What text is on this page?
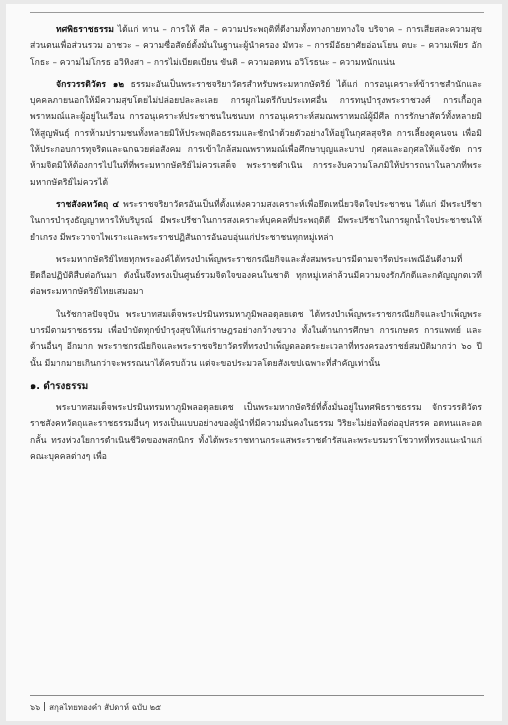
ทศพิธราชธรรม ได้แก่ ทาน – การให้ ศีล – ความประพฤติที่ดีงามทั้งทางกายทางใจ บริจาค – การเสียสละความสุขส่วนตนเพื่อส่วนรวม อาชวะ – ความซื่อสัตย์ตั้งมั่นในฐานะผู้นำครอง มัทวะ – การมีอัธยาศัยอ่อนโยน ตบะ – ความเพียร อักโกธะ – ความไม่โกรธ อวิหิงสา – การไม่เบียดเบียน ขันติ – ความอดทน อวิโรธนะ – ความหนักแน่น

จักรวรรดิวัตร ๑๒ ธรรมะอันเป็นพระราชจริยาวัตรสำหรับพระมหากษัตริย์ ได้แก่ การอนุเคราะห์ข้าราชสำนักและบุคคลภายนอกให้มีความสุขโดยไม่ปล่อยปละละเลย การผูกไมตรีกับประเทศอื่น การทนุบำรุงพระราชวงศ์ การเกื้อกูลพราหมณ์และผู้อยู่ในเรือน การอนุเคราะห์ประชาชนในชนบท การอนุเคราะห์สมณพราหมณ์ผู้มีศีล การรักษาสัตว์ทั้งหลายมิให้สูญพันธุ์ การห้ามปรามชนทั้งหลายมิให้ประพฤติอธรรมและชักนำด้วยตัวอย่างให้อยู่ในกุศลสุจริต การเลี้ยงดูคนจน เพื่อมิให้ประกอบการทุจริตและฉกฉวยต่อสังคม การเข้าใกล้สมณพราหมณ์เพื่อศึกษาบุญและบาป กุศลและอกุศลให้แจ้งชัด การห้ามจิตมิให้ต้องการไปในที่ที่พระมหากษัตริย์ไม่ควรเสด็จ พระราชดำเนิน การระงับความโลภมิให้ปรารถนาในลาภที่พระมหากษัตริย์ไม่ควรได้

ราชสังคหวัตถุ ๔ พระราชจริยาวัตรอันเป็นที่ตั้งแห่งความสงเคราะห์เพื่อยึดเหนี่ยวจิตใจประชาชน ได้แก่ มีพระปรีชาในการบำรุงธัญญาหารให้บริบูรณ์ มีพระปรีชาในการสงเคราะห์บุคคลที่ประพฤติดี มีพระปรีชาในการผูกน้ำใจประชาชนให้ยำเกรง มีพระวาจาไพเราะและพระราชปฏิสันถารอันอบอุ่นแก่ประชาชนทุกหมู่เหล่า

พระมหากษัตริย์ไทยทุกพระองค์ได้ทรงบำเพ็ญพระราชกรณียกิจและสั่งสมพระบารมีตามจารีตประเพณีอันดีงามที่ยึดถือปฏิบัติสืบต่อกันมา ดังนั้นจึงทรงเป็นศูนย์รวมจิตใจของคนในชาติ ทุกหมู่เหล่าล้วนมีความจงรักภักดีและกตัญญูกตเวทีต่อพระมหากษัตริย์ไทยเสมอมา

ในรัชกาลปัจจุบัน พระบาทสมเด็จพระปรมินทรมหาภูมิพลอดุลยเดช ได้ทรงบำเพ็ญพระราชกรณียกิจและบำเพ็ญพระบารมีตามราชธรรม เพื่อบำบัดทุกข์บำรุงสุขให้แก่ราษฎรอย่างกว้างขวาง ทั้งในด้านการศึกษา การเกษตร การแพทย์ และด้านอื่นๆ อีกมาก พระราชกรณียกิจและพระราชจริยาวัตรที่ทรงบำเพ็ญตลอดระยะเวลาที่ทรงครองราชย์สมบัติมากว่า ๖๐ ปีนั้น มีมากมายเกินกว่าจะพรรณนาได้ครบถ้วน แต่จะขอประมวลโดยสังเขปเฉพาะที่สำคัญเท่านั้น

๑. ดำรงธรรม

พระบาทสมเด็จพระปรมินทรมหาภูมิพลอดุลยเดช เป็นพระมหากษัตริย์ที่ตั้งมั่นอยู่ในทศพิธราชธรรม จักรวรรดิวัตร ราชสังคหวัตถุและราชธรรมอื่นๆ ทรงเป็นแบบอย่างของผู้นำที่มีความมั่นคงในธรรม วิริยะไม่ย่อท้อต่ออุปสรรค อดทนและอดกลั้น ทรงห่วงใยการดำเนินชีวิตของพสกนิกร ทั้งได้พระราชทานกระแสพระราชดำรัสและพระบรมราโชวาทที่ทรงแนะนำแก่คณะบุคคลต่างๆ เพื่อ

๖๖ สกุลไทยทองคำ สัปดาห์ ฉบับ ๒๕
